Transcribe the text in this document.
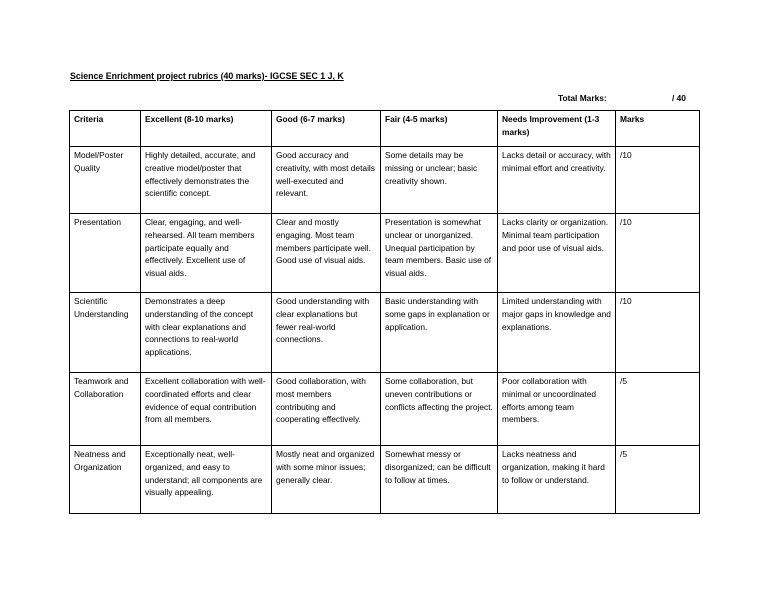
Science Enrichment project rubrics (40 marks)- IGCSE SEC 1 J, K
Total Marks:	/ 40
Criteria	Excellent (8-10 marks)	Good (6-7 marks)	Fair (4-5 marks)	Needs Improvement (1-3 marks)	Marks
Model/Poster Quality	Highly detailed, accurate, and creative model/poster that effectively demonstrates the scientific concept.	Good accuracy and creativity, with most details well-executed and relevant.	Some details may be missing or unclear; basic creativity shown.	Lacks detail or accuracy, with minimal effort and creativity.	/10
Presentation	Clear, engaging, and well-rehearsed. All team members participate equally and effectively. Excellent use of visual aids.	Clear and mostly engaging. Most team members participate well. Good use of visual aids.	Presentation is somewhat unclear or unorganized. Unequal participation by team members. Basic use of visual aids.	Lacks clarity or organization. Minimal team participation and poor use of visual aids.	/10
Scientific Understanding	Demonstrates a deep understanding of the concept with clear explanations and connections to real-world applications.	Good understanding with clear explanations but fewer real-world connections.	Basic understanding with some gaps in explanation or application.	Limited understanding with major gaps in knowledge and explanations.	/10
Teamwork and Collaboration	Excellent collaboration with well-coordinated efforts and clear evidence of equal contribution from all members.	Good collaboration, with most members contributing and cooperating effectively.	Some collaboration, but uneven contributions or conflicts affecting the project.	Poor collaboration with minimal or uncoordinated efforts among team members.	/5
Neatness and Organization	Exceptionally neat, well-organized, and easy to understand; all components are visually appealing.	Mostly neat and organized with some minor issues; generally clear.	Somewhat messy or disorganized; can be difficult to follow at times.	Lacks neatness and organization, making it hard to follow or understand.	/5
